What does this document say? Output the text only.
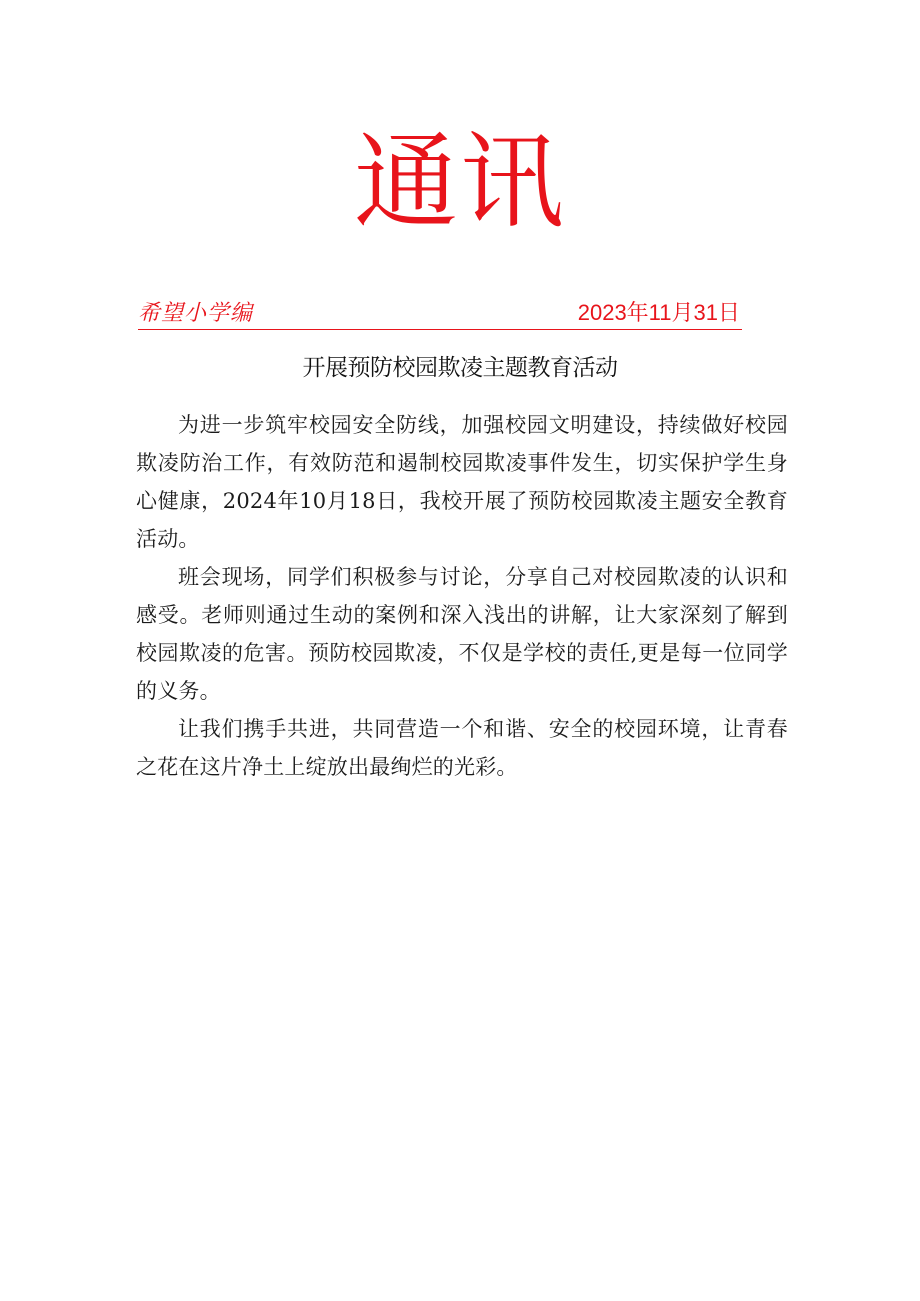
通讯
希望小学编	2023年11月31日
开展预防校园欺凌主题教育活动

为进一步筑牢校园安全防线，加强校园文明建设，持续做好校园欺凌防治工作，有效防范和遏制校园欺凌事件发生，切实保护学生身心健康，2024年10月18日，我校开展了预防校园欺凌主题安全教育活动。

班会现场，同学们积极参与讨论，分享自己对校园欺凌的认识和感受。老师则通过生动的案例和深入浅出的讲解，让大家深刻了解到校园欺凌的危害。预防校园欺凌，不仅是学校的责任,更是每一位同学的义务。

让我们携手共进，共同营造一个和谐、安全的校园环境，让青春之花在这片净土上绽放出最绚烂的光彩。
